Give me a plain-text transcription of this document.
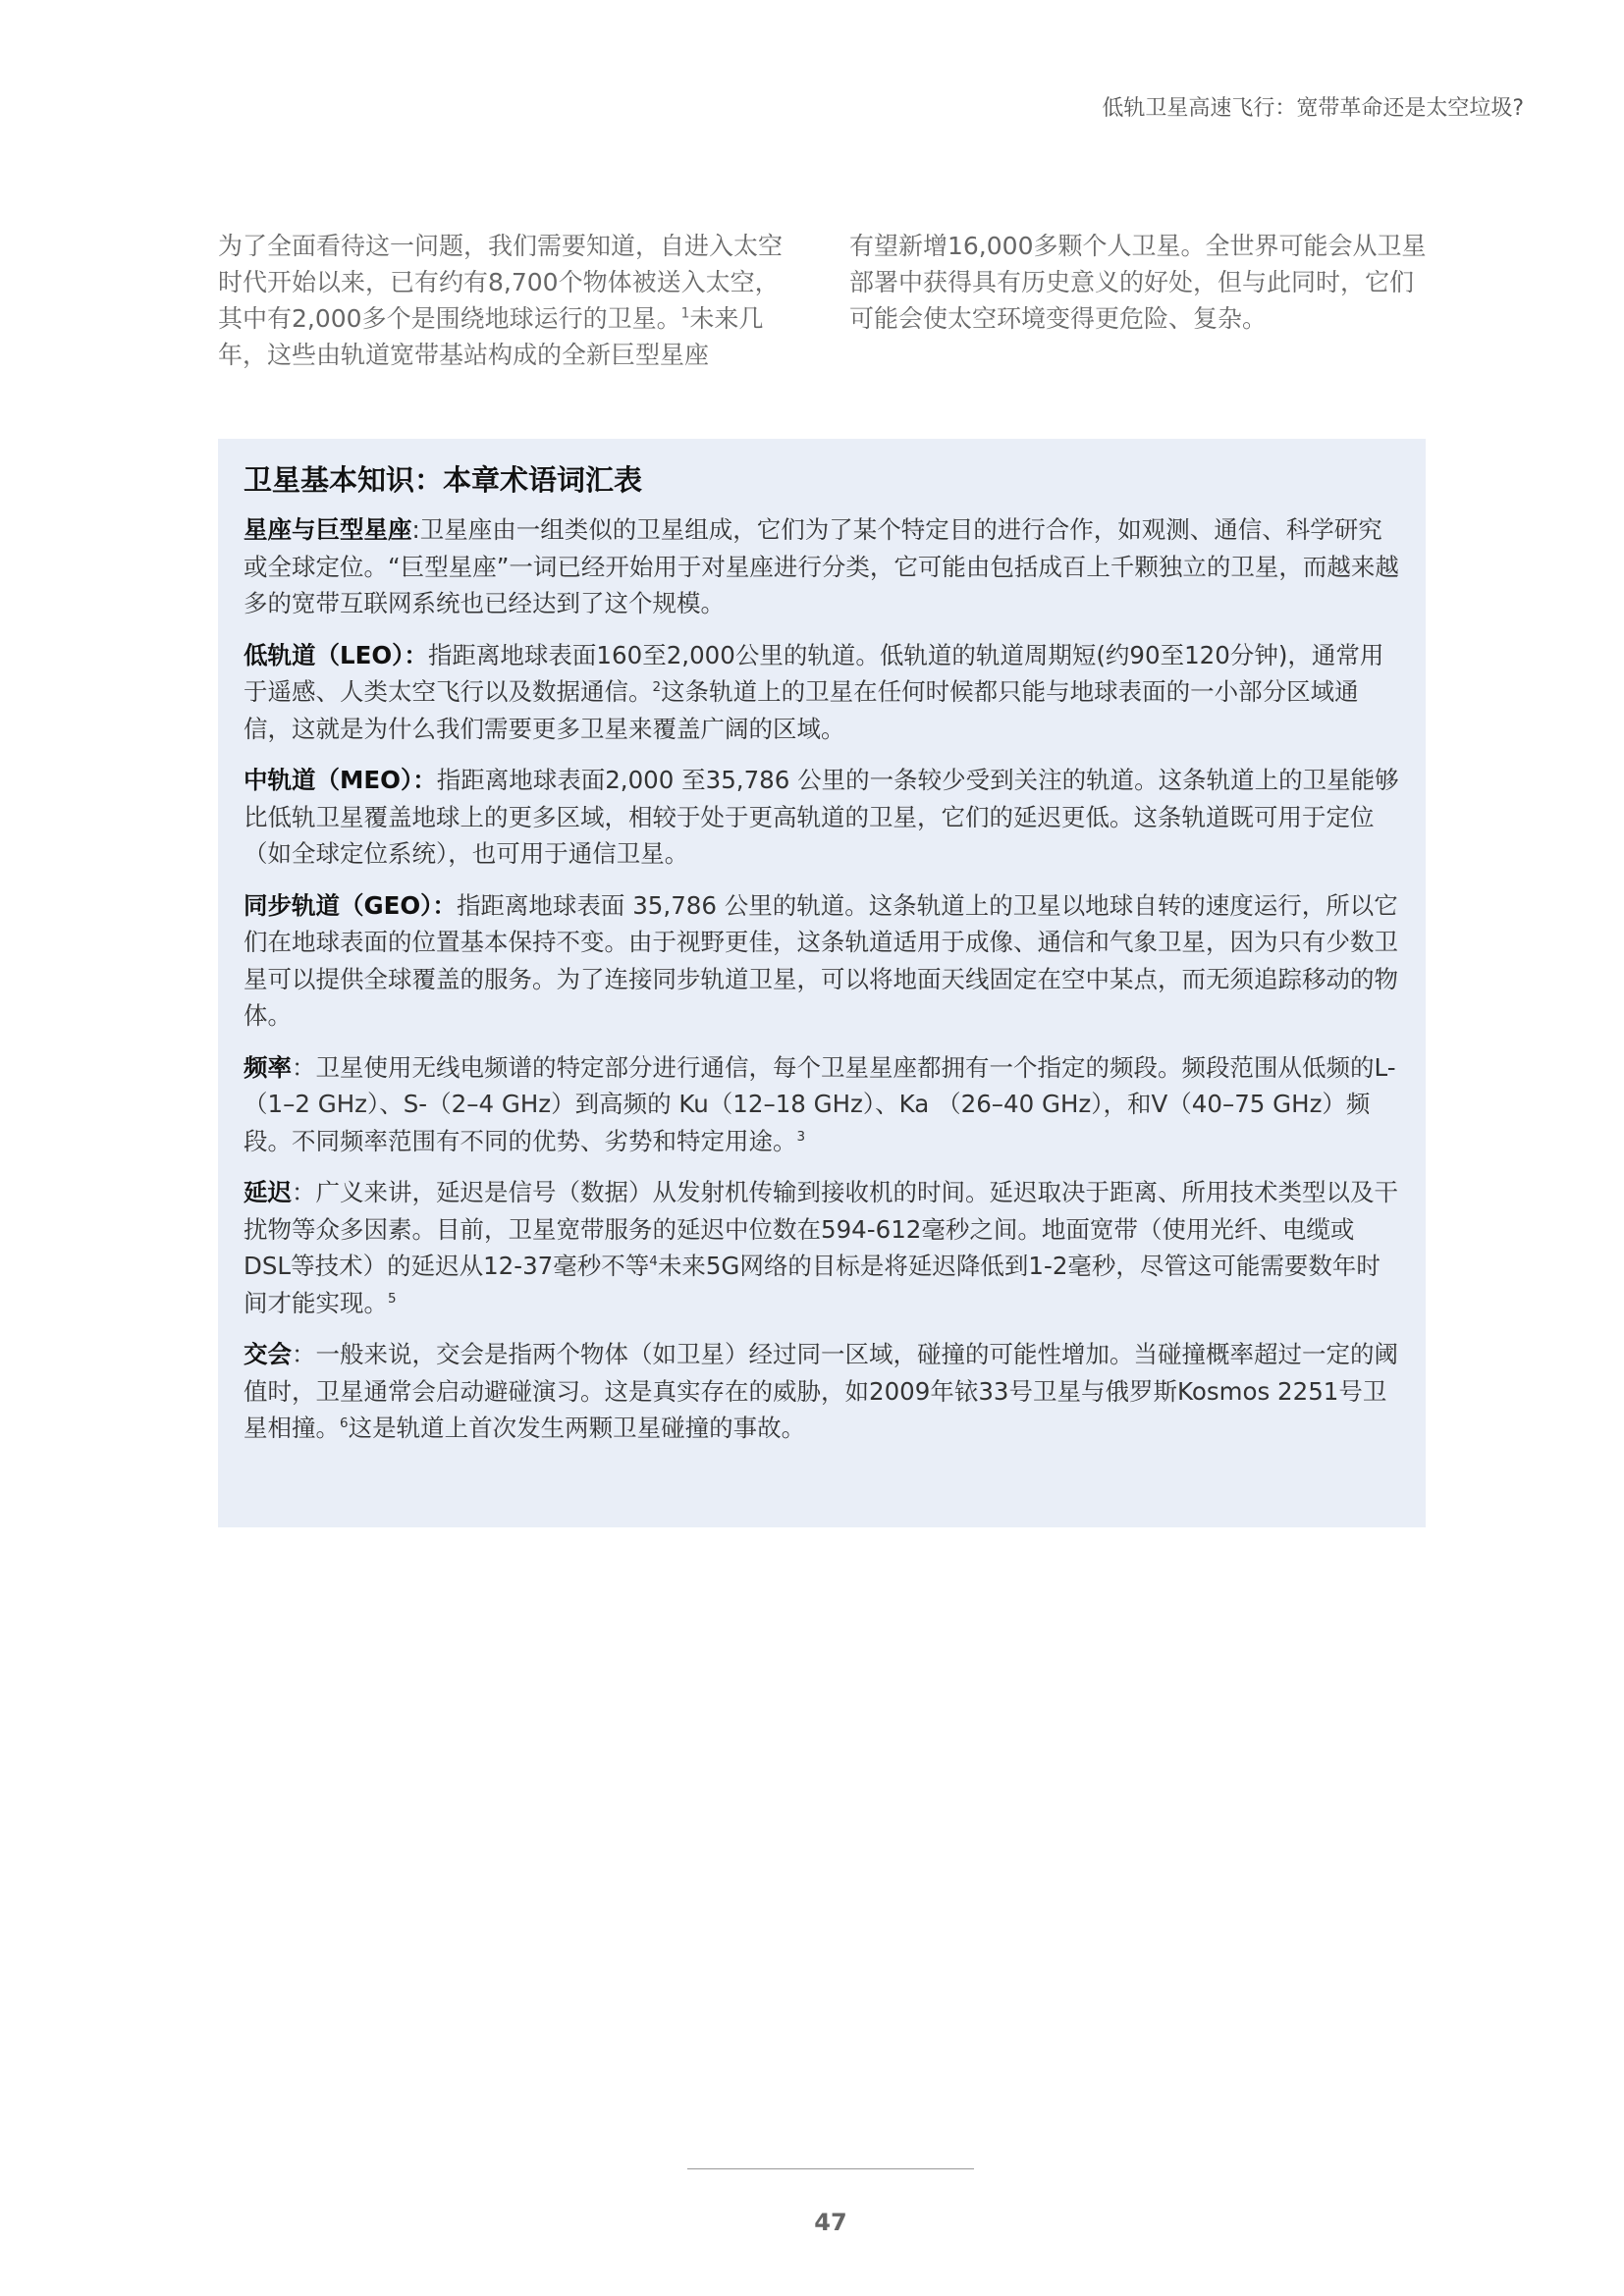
低轨卫星高速飞行：宽带革命还是太空垃圾?

为了全面看待这一问题，我们需要知道，自进入太空时代开始以来，已有约有8,700个物体被送入太空，其中有2,000多个是围绕地球运行的卫星。$^1$未来几年，这些由轨道宽带基站构成的全新巨型星座

有望新增16,000多颗个人卫星。全世界可能会从卫星部署中获得具有历史意义的好处，但与此同时，它们可能会使太空环境变得更危险、复杂。

卫星基本知识：本章术语词汇表

星座与巨型星座:卫星座由一组类似的卫星组成，它们为了某个特定目的进行合作，如观测、通信、科学研究或全球定位。“巨型星座”一词已经开始用于对星座进行分类，它可能由包括成百上千颗独立的卫星，而越来越多的宽带互联网系统也已经达到了这个规模。

低轨道（LEO）：指距离地球表面160至2,000公里的轨道。低轨道的轨道周期短(约90至120分钟)，通常用于遥感、人类太空飞行以及数据通信。$^2$这条轨道上的卫星在任何时候都只能与地球表面的一小部分区域通信，这就是为什么我们需要更多卫星来覆盖广阔的区域。

中轨道（MEO）：指距离地球表面2,000 至35,786 公里的一条较少受到关注的轨道。这条轨道上的卫星能够比低轨卫星覆盖地球上的更多区域，相较于处于更高轨道的卫星，它们的延迟更低。这条轨道既可用于定位（如全球定位系统），也可用于通信卫星。

同步轨道（GEO）：指距离地球表面 35,786 公里的轨道。这条轨道上的卫星以地球自转的速度运行，所以它们在地球表面的位置基本保持不变。由于视野更佳，这条轨道适用于成像、通信和气象卫星，因为只有少数卫星可以提供全球覆盖的服务。为了连接同步轨道卫星，可以将地面天线固定在空中某点，而无须追踪移动的物体。

频率：卫星使用无线电频谱的特定部分进行通信，每个卫星星座都拥有一个指定的频段。频段范围从低频的L-（1–2 GHz）、S-（2–4 GHz）到高频的 Ku（12–18 GHz）、Ka （26–40 GHz），和V（40–75 GHz）频段。不同频率范围有不同的优势、劣势和特定用途。$^3$

延迟：广义来讲，延迟是信号（数据）从发射机传输到接收机的时间。延迟取决于距离、所用技术类型以及干扰物等众多因素。目前，卫星宽带服务的延迟中位数在594-612毫秒之间。地面宽带（使用光纤、电缆或DSL等技术）的延迟从12-37毫秒不等$^4$未来5G网络的目标是将延迟降低到1-2毫秒，尽管这可能需要数年时间才能实现。$^5$

交会：一般来说，交会是指两个物体（如卫星）经过同一区域，碰撞的可能性增加。当碰撞概率超过一定的阈值时，卫星通常会启动避碰演习。这是真实存在的威胁，如2009年铱33号卫星与俄罗斯Kosmos 2251号卫星相撞。$^6$这是轨道上首次发生两颗卫星碰撞的事故。

47
